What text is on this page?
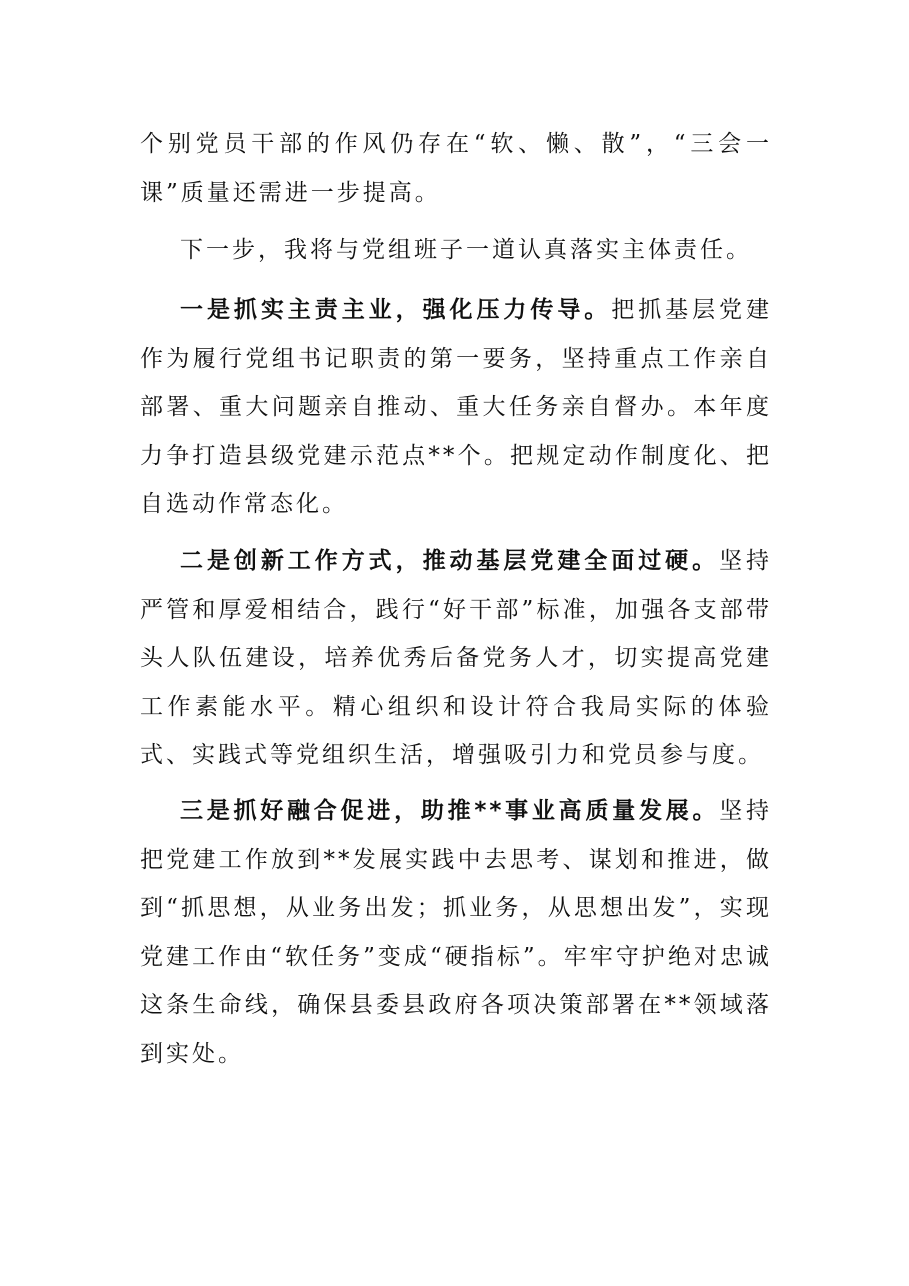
个别党员干部的作风仍存在“软、懒、散”，“三会一课”质量还需进一步提高。

下一步，我将与党组班子一道认真落实主体责任。

一是抓实主责主业，强化压力传导。把抓基层党建作为履行党组书记职责的第一要务，坚持重点工作亲自部署、重大问题亲自推动、重大任务亲自督办。本年度力争打造县级党建示范点**个。把规定动作制度化、把自选动作常态化。

二是创新工作方式，推动基层党建全面过硬。坚持严管和厚爱相结合，践行“好干部”标准，加强各支部带头人队伍建设，培养优秀后备党务人才，切实提高党建工作素能水平。精心组织和设计符合我局实际的体验式、实践式等党组织生活，增强吸引力和党员参与度。

三是抓好融合促进，助推**事业高质量发展。坚持把党建工作放到**发展实践中去思考、谋划和推进，做到“抓思想，从业务出发；抓业务，从思想出发”，实现党建工作由“软任务”变成“硬指标”。牢牢守护绝对忠诚这条生命线，确保县委县政府各项决策部署在**领域落到实处。
